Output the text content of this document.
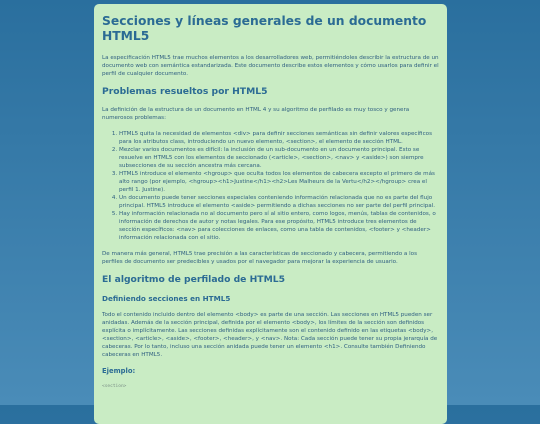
Secciones y líneas generales de un documento HTML5

La especificación HTML5 trae muchos elementos a los desarrolladores web, permitiéndoles describir la estructura de un documento web con semántica estandarizada. Este documento describe estos elementos y cómo usarlos para definir el perfil de cualquier documento.

Problemas resueltos por HTML5

La definición de la estructura de un documento en HTML 4 y su algoritmo de perfilado es muy tosco y genera numerosos problemas:

1. HTML5 quita la necesidad de elementos <div> para definir secciones semánticas sin definir valores específicos para los atributos class, introduciendo un nuevo elemento, <section>, el elemento de sección HTML.
2. Mezclar varios documentos es difícil: la inclusión de un sub-documento en un documento principal. Esto se resuelve en HTML5 con los elementos de seccionado (<article>, <section>, <nav> y <aside>) son siempre subsecciones de su sección ancestra más cercana.
3. HTML5 introduce el elemento <hgroup> que oculta todos los elementos de cabecera excepto el primero de más alto rango (por ejemplo, <hgroup><h1>Justine</h1><h2>Les Malheurs de la Vertu</h2></hgroup> crea el perfil 1. Justine).
4. Un documento puede tener secciones especiales conteniendo información relacionada que no es parte del flujo principal. HTML5 introduce el elemento <aside> permitiendo a dichas secciones no ser parte del perfil principal.
5. Hay información relacionada no al documento pero sí al sitio entero, como logos, menús, tablas de contenidos, o información de derechos de autor y notas legales. Para ese propósito, HTML5 introduce tres elementos de sección específicos: <nav> para colecciones de enlaces, como una tabla de contenidos, <footer> y <header> información relacionada con el sitio.

De manera más general, HTML5 trae precisión a las características de seccionado y cabecera, permitiendo a los perfiles de documento ser predecibles y usados por el navegador para mejorar la experiencia de usuario.

El algoritmo de perfilado de HTML5
Definiendo secciones en HTML5

Todo el contenido incluido dentro del elemento <body> es parte de una sección. Las secciones en HTML5 pueden ser anidadas. Además de la sección principal, definida por el elemento <body>, los límites de la sección son definidos explícita o implícitamente. Las secciones definidas explícitamente son el contenido definido en las etiquetas <body>, <section>, <article>, <aside>, <footer>, <header>, y <nav>. Nota: Cada sección puede tener su propia jerarquía de cabeceras. Por lo tanto, incluso una sección anidada puede tener un elemento <h1>. Consulte también Definiendo cabeceras en HTML5.

Ejemplo:
<section>
